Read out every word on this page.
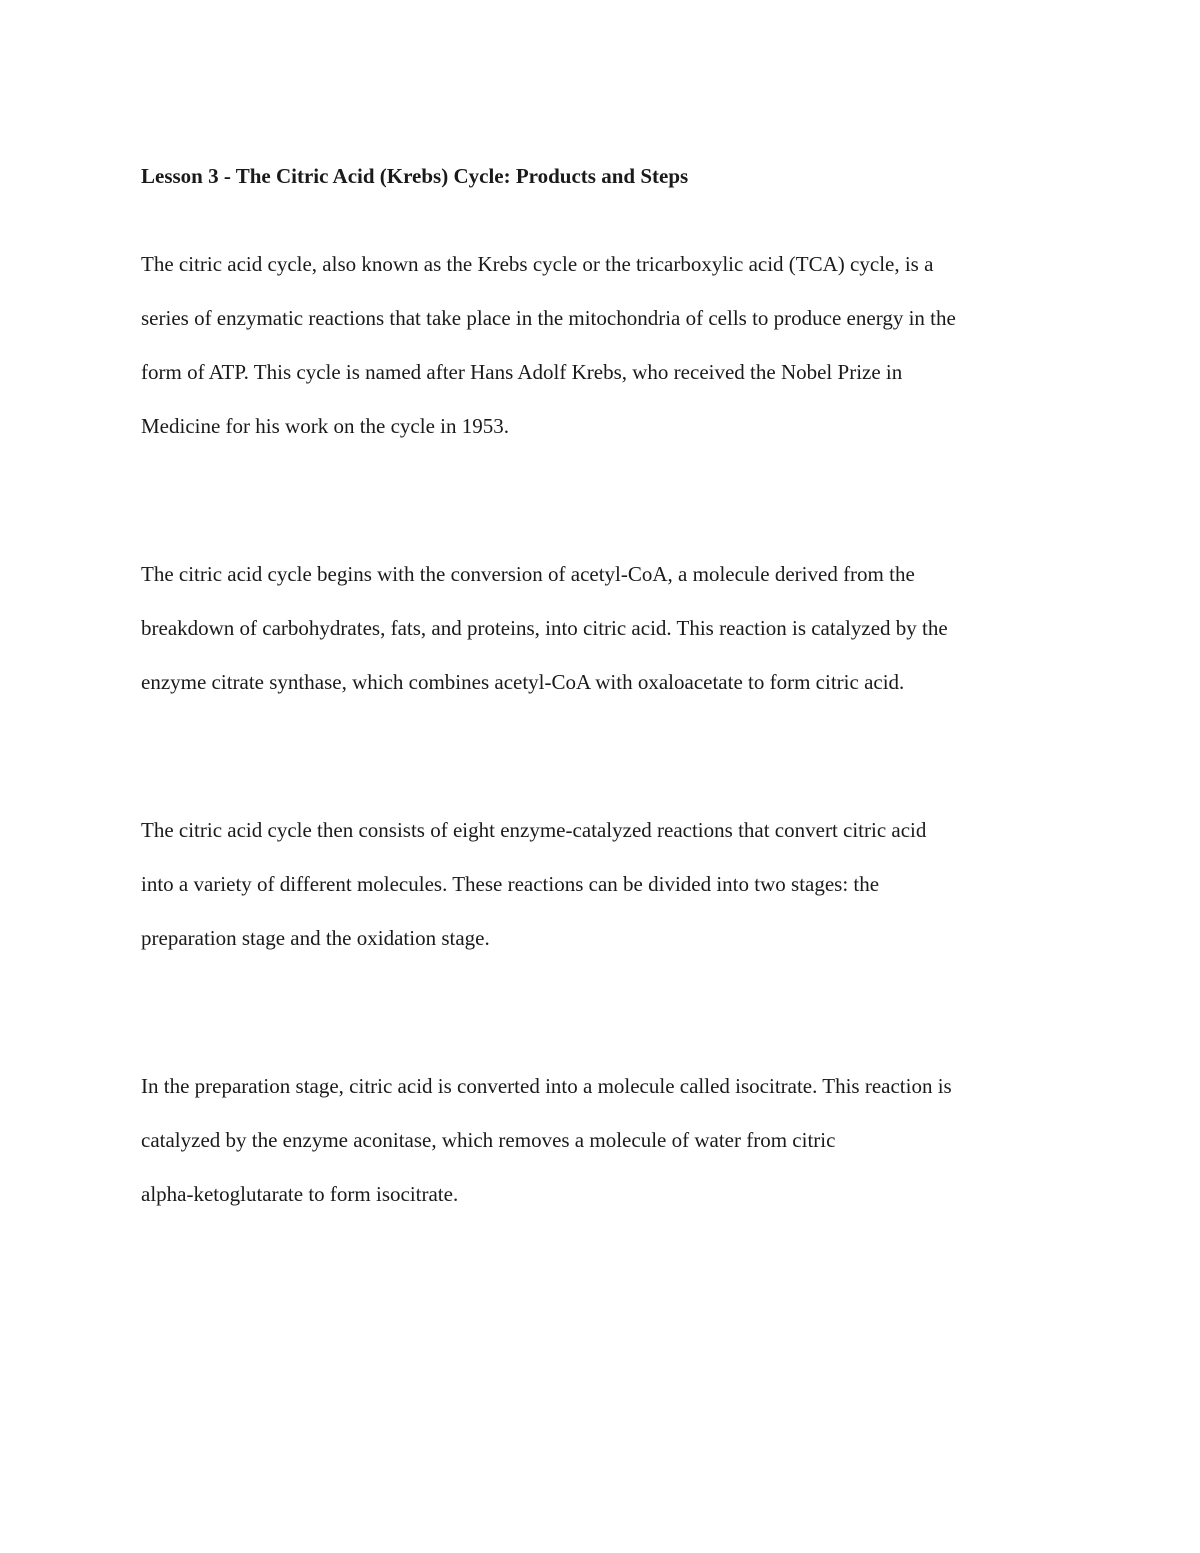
Lesson 3 - The Citric Acid (Krebs) Cycle: Products and Steps

The citric acid cycle, also known as the Krebs cycle or the tricarboxylic acid (TCA) cycle, is a
series of enzymatic reactions that take place in the mitochondria of cells to produce energy in the
form of ATP. This cycle is named after Hans Adolf Krebs, who received the Nobel Prize in
Medicine for his work on the cycle in 1953.

The citric acid cycle begins with the conversion of acetyl-CoA, a molecule derived from the
breakdown of carbohydrates, fats, and proteins, into citric acid. This reaction is catalyzed by the
enzyme citrate synthase, which combines acetyl-CoA with oxaloacetate to form citric acid.

The citric acid cycle then consists of eight enzyme-catalyzed reactions that convert citric acid
into a variety of different molecules. These reactions can be divided into two stages: the
preparation stage and the oxidation stage.

In the preparation stage, citric acid is converted into a molecule called isocitrate. This reaction is
catalyzed by the enzyme aconitase, which removes a molecule of water from citric
alpha-ketoglutarate to form isocitrate.
